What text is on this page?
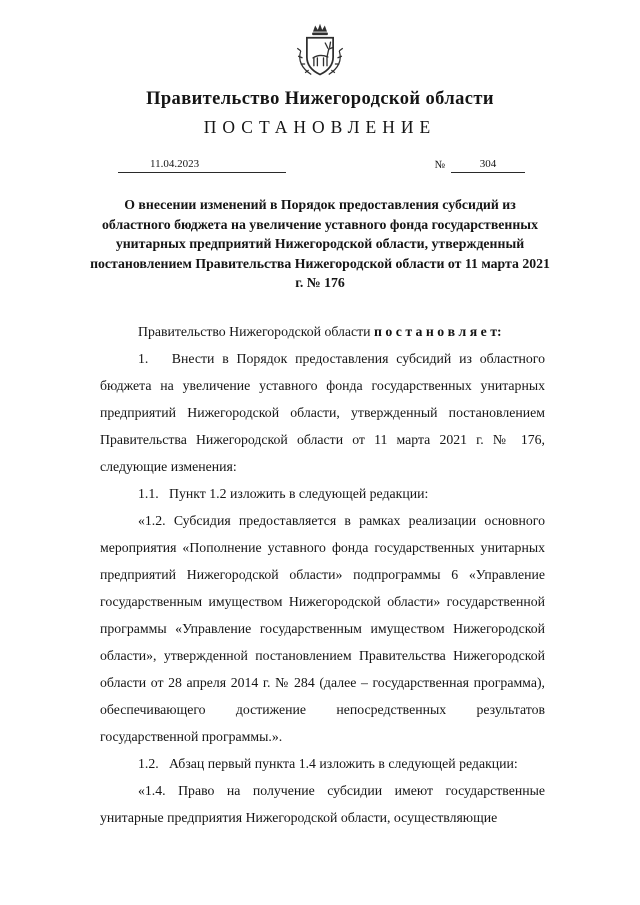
Правительство Нижегородской области
ПОСТАНОВЛЕНИЕ
11.04.2023	№	304
О внесении изменений в Порядок предоставления субсидий из областного бюджета на увеличение уставного фонда государственных унитарных предприятий Нижегородской области, утвержденный постановлением Правительства Нижегородской области от 11 марта 2021 г. № 176

Правительство Нижегородской области п о с т а н о в л я е т:

1.   Внести в Порядок предоставления субсидий из областного бюджета на увеличение уставного фонда государственных унитарных предприятий Нижегородской области, утвержденный постановлением Правительства Нижегородской области от 11 марта 2021 г. № 176, следующие изменения:

1.1.   Пункт 1.2 изложить в следующей редакции:

«1.2. Субсидия предоставляется в рамках реализации основного мероприятия «Пополнение уставного фонда государственных унитарных предприятий Нижегородской области» подпрограммы 6 «Управление государственным имуществом Нижегородской области» государственной программы «Управление государственным имуществом Нижегородской области», утвержденной постановлением Правительства Нижегородской области от 28 апреля 2014 г. № 284 (далее – государственная программа), обеспечивающего достижение непосредственных результатов государственной программы.».

1.2.   Абзац первый пункта 1.4 изложить в следующей редакции:

«1.4. Право на получение субсидии имеют государственные унитарные предприятия Нижегородской области, осуществляющие
